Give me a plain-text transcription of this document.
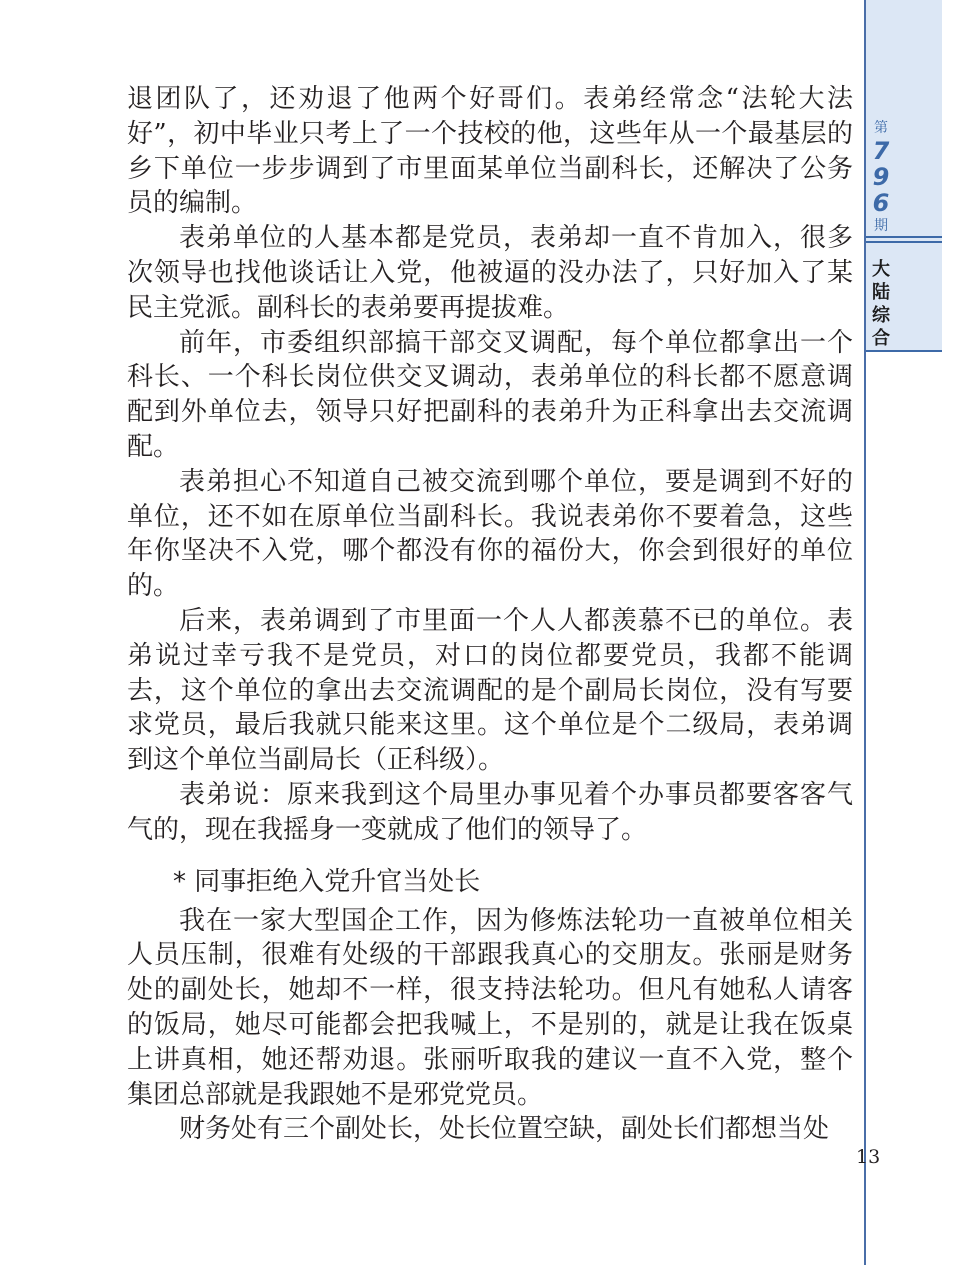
第
7
9
6
期
大
陆
综
合

退团队了，还劝退了他两个好哥们。表弟经常念“法轮大法好”，初中毕业只考上了一个技校的他，这些年从一个最基层的乡下单位一步步调到了市里面某单位当副科长，还解决了公务员的编制。

表弟单位的人基本都是党员，表弟却一直不肯加入，很多次领导也找他谈话让入党，他被逼的没办法了，只好加入了某民主党派。副科长的表弟要再提拔难。

前年，市委组织部搞干部交叉调配，每个单位都拿出一个科长、一个科长岗位供交叉调动，表弟单位的科长都不愿意调配到外单位去，领导只好把副科的表弟升为正科拿出去交流调配。

表弟担心不知道自己被交流到哪个单位，要是调到不好的单位，还不如在原单位当副科长。我说表弟你不要着急，这些年你坚决不入党，哪个都没有你的福份大，你会到很好的单位的。

后来，表弟调到了市里面一个人人都羡慕不已的单位。表弟说过幸亏我不是党员，对口的岗位都要党员，我都不能调去，这个单位的拿出去交流调配的是个副局长岗位，没有写要求党员，最后我就只能来这里。这个单位是个二级局，表弟调到这个单位当副局长（正科级）。

表弟说：原来我到这个局里办事见着个办事员都要客客气气的，现在我摇身一变就成了他们的领导了。

* 同事拒绝入党升官当处长

我在一家大型国企工作，因为修炼法轮功一直被单位相关人员压制，很难有处级的干部跟我真心的交朋友。张丽是财务处的副处长，她却不一样，很支持法轮功。但凡有她私人请客的饭局，她尽可能都会把我喊上，不是别的，就是让我在饭桌上讲真相，她还帮劝退。张丽听取我的建议一直不入党，整个集团总部就是我跟她不是邪党党员。

财务处有三个副处长，处长位置空缺，副处长们都想当处

13
